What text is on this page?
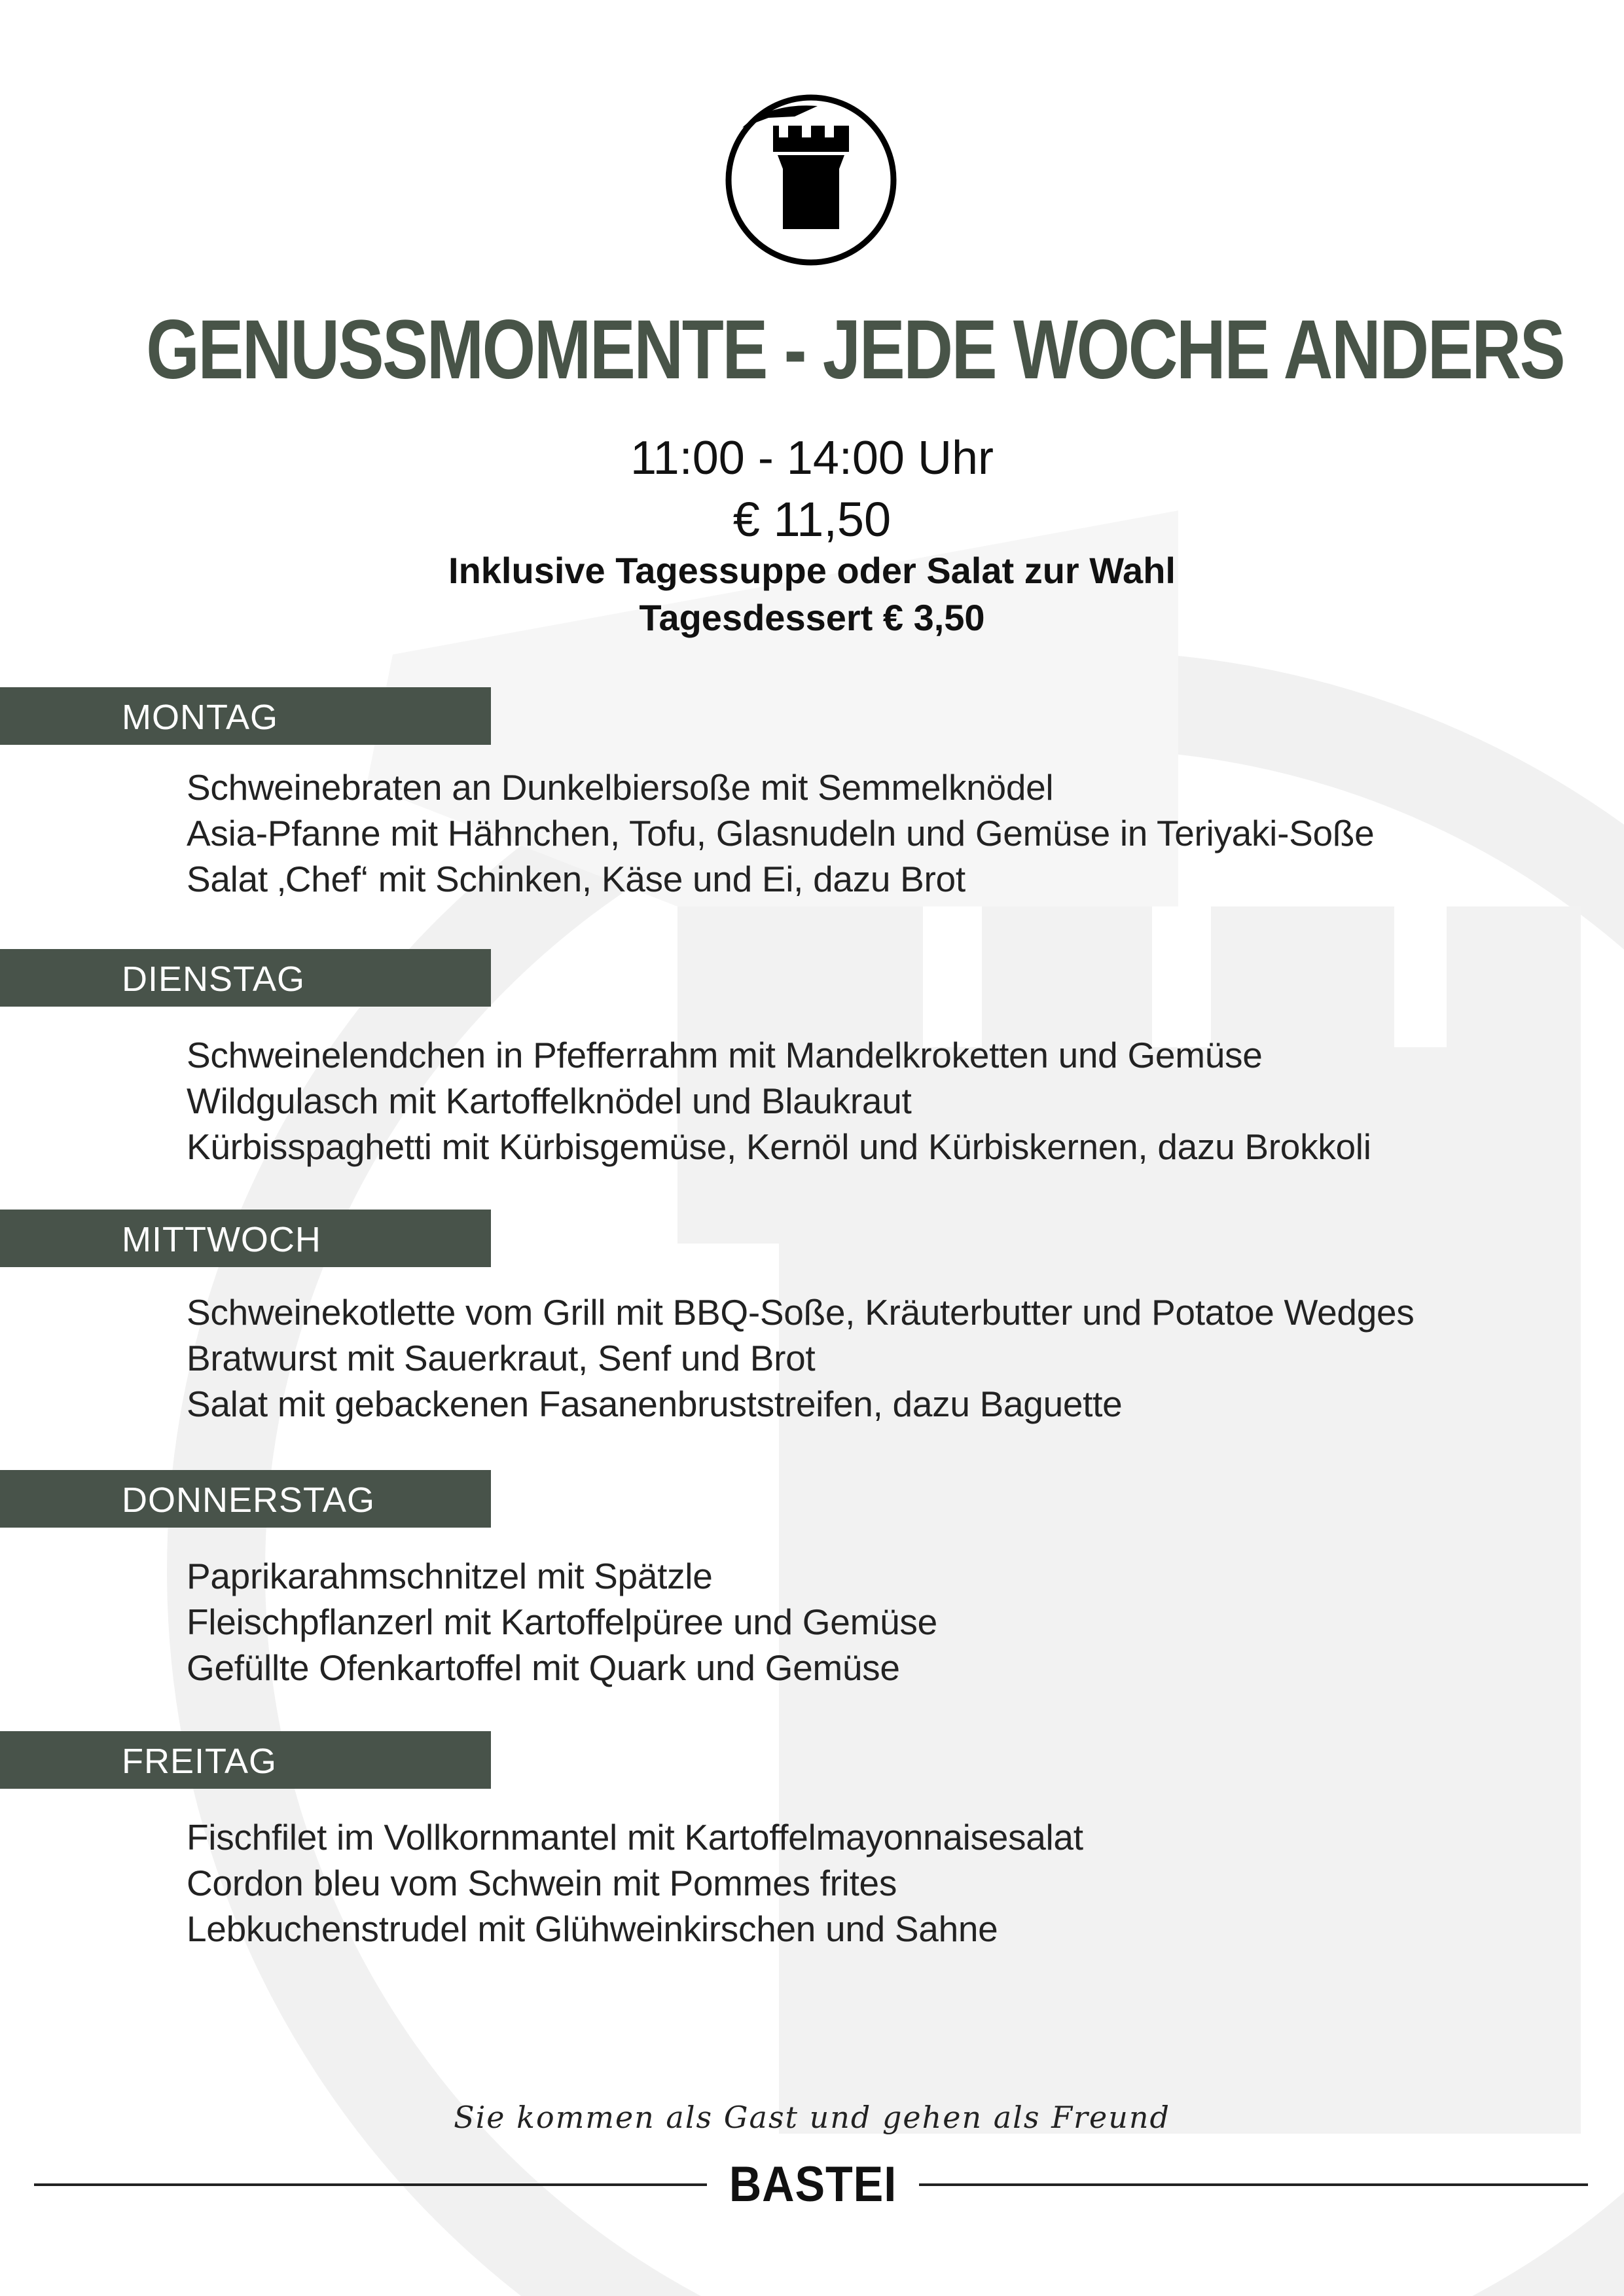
GENUSSMOMENTE - JEDE WOCHE ANDERS
11:00 - 14:00 Uhr
€ 11,50
Inklusive Tagessuppe oder Salat zur Wahl
Tagesdessert € 3,50
MONTAG
Schweinebraten an Dunkelbiersoße mit Semmelknödel
Asia-Pfanne mit Hähnchen, Tofu, Glasnudeln und Gemüse in Teriyaki-Soße
Salat ‚Chef‘ mit Schinken, Käse und Ei, dazu Brot
DIENSTAG
Schweinelendchen in Pfefferrahm mit Mandelkroketten und Gemüse
Wildgulasch mit Kartoffelknödel und Blaukraut
Kürbisspaghetti mit Kürbisgemüse, Kernöl und Kürbiskernen, dazu Brokkoli
MITTWOCH
Schweinekotlette vom Grill mit BBQ-Soße, Kräuterbutter und Potatoe Wedges
Bratwurst mit Sauerkraut, Senf und Brot
Salat mit gebackenen Fasanenbruststreifen, dazu Baguette
DONNERSTAG
Paprikarahmschnitzel mit Spätzle
Fleischpflanzerl mit Kartoffelpüree und Gemüse
Gefüllte Ofenkartoffel mit Quark und Gemüse
FREITAG
Fischfilet im Vollkornmantel mit Kartoffelmayonnaisesalat
Cordon bleu vom Schwein mit Pommes frites
Lebkuchenstrudel mit Glühweinkirschen und Sahne
Sie kommen als Gast und gehen als Freund
BASTEI
